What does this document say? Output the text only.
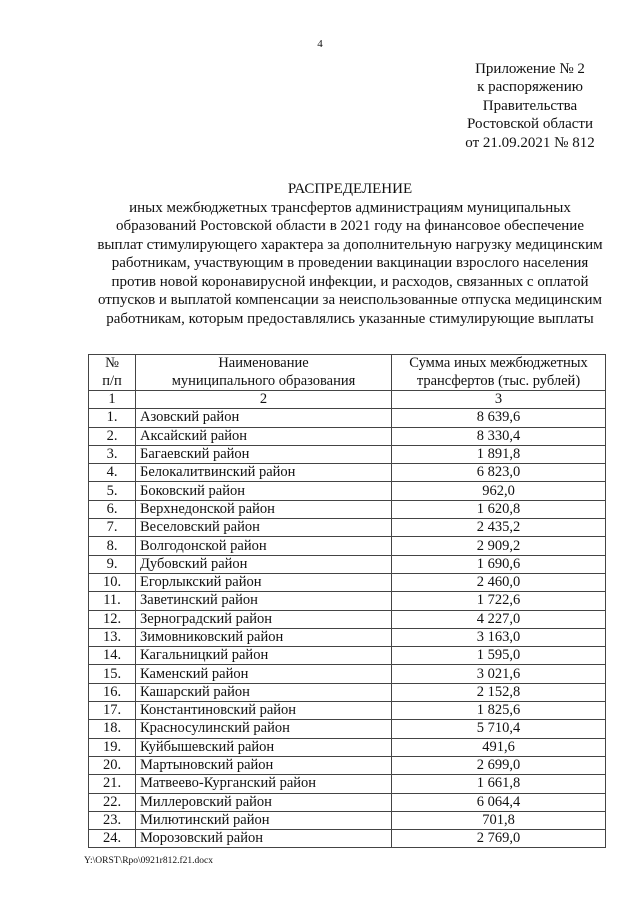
4
Приложение № 2
к распоряжению
Правительства
Ростовской области
от 21.09.2021 № 812
РАСПРЕДЕЛЕНИЕ
иных межбюджетных трансфертов администрациям муниципальных
образований Ростовской области в 2021 году на финансовое обеспечение
выплат стимулирующего характера за дополнительную нагрузку медицинским
работникам, участвующим в проведении вакцинации взрослого населения
против новой коронавирусной инфекции, и расходов, связанных с оплатой
отпусков и выплатой компенсации за неиспользованные отпуска медицинским
работникам, которым предоставлялись указанные стимулирующие выплаты
№
п/п

Наименование
муниципального образования

Сумма иных межбюджетных
трансфертов (тыс. рублей)

1	2	3
1.	Азовский район	8 639,6
2.	Аксайский район	8 330,4
3.	Багаевский район	1 891,8
4.	Белокалитвинский район	6 823,0
5.	Боковский район	962,0
6.	Верхнедонской район	1 620,8
7.	Веселовский район	2 435,2
8.	Волгодонской район	2 909,2
9.	Дубовский район	1 690,6
10.	Егорлыкский район	2 460,0
11.	Заветинский район	1 722,6
12.	Зерноградский район	4 227,0
13.	Зимовниковский район	3 163,0
14.	Кагальницкий район	1 595,0
15.	Каменский район	3 021,6
16.	Кашарский район	2 152,8
17.	Константиновский район	1 825,6
18.	Красносулинский район	5 710,4
19.	Куйбышевский район	491,6
20.	Мартыновский район	2 699,0
21.	Матвеево-Курганский район	1 661,8
22.	Миллеровский район	6 064,4
23.	Милютинский район	701,8
24.	Морозовский район	2 769,0
Y:\ORST\Rpo\0921r812.f21.docx
